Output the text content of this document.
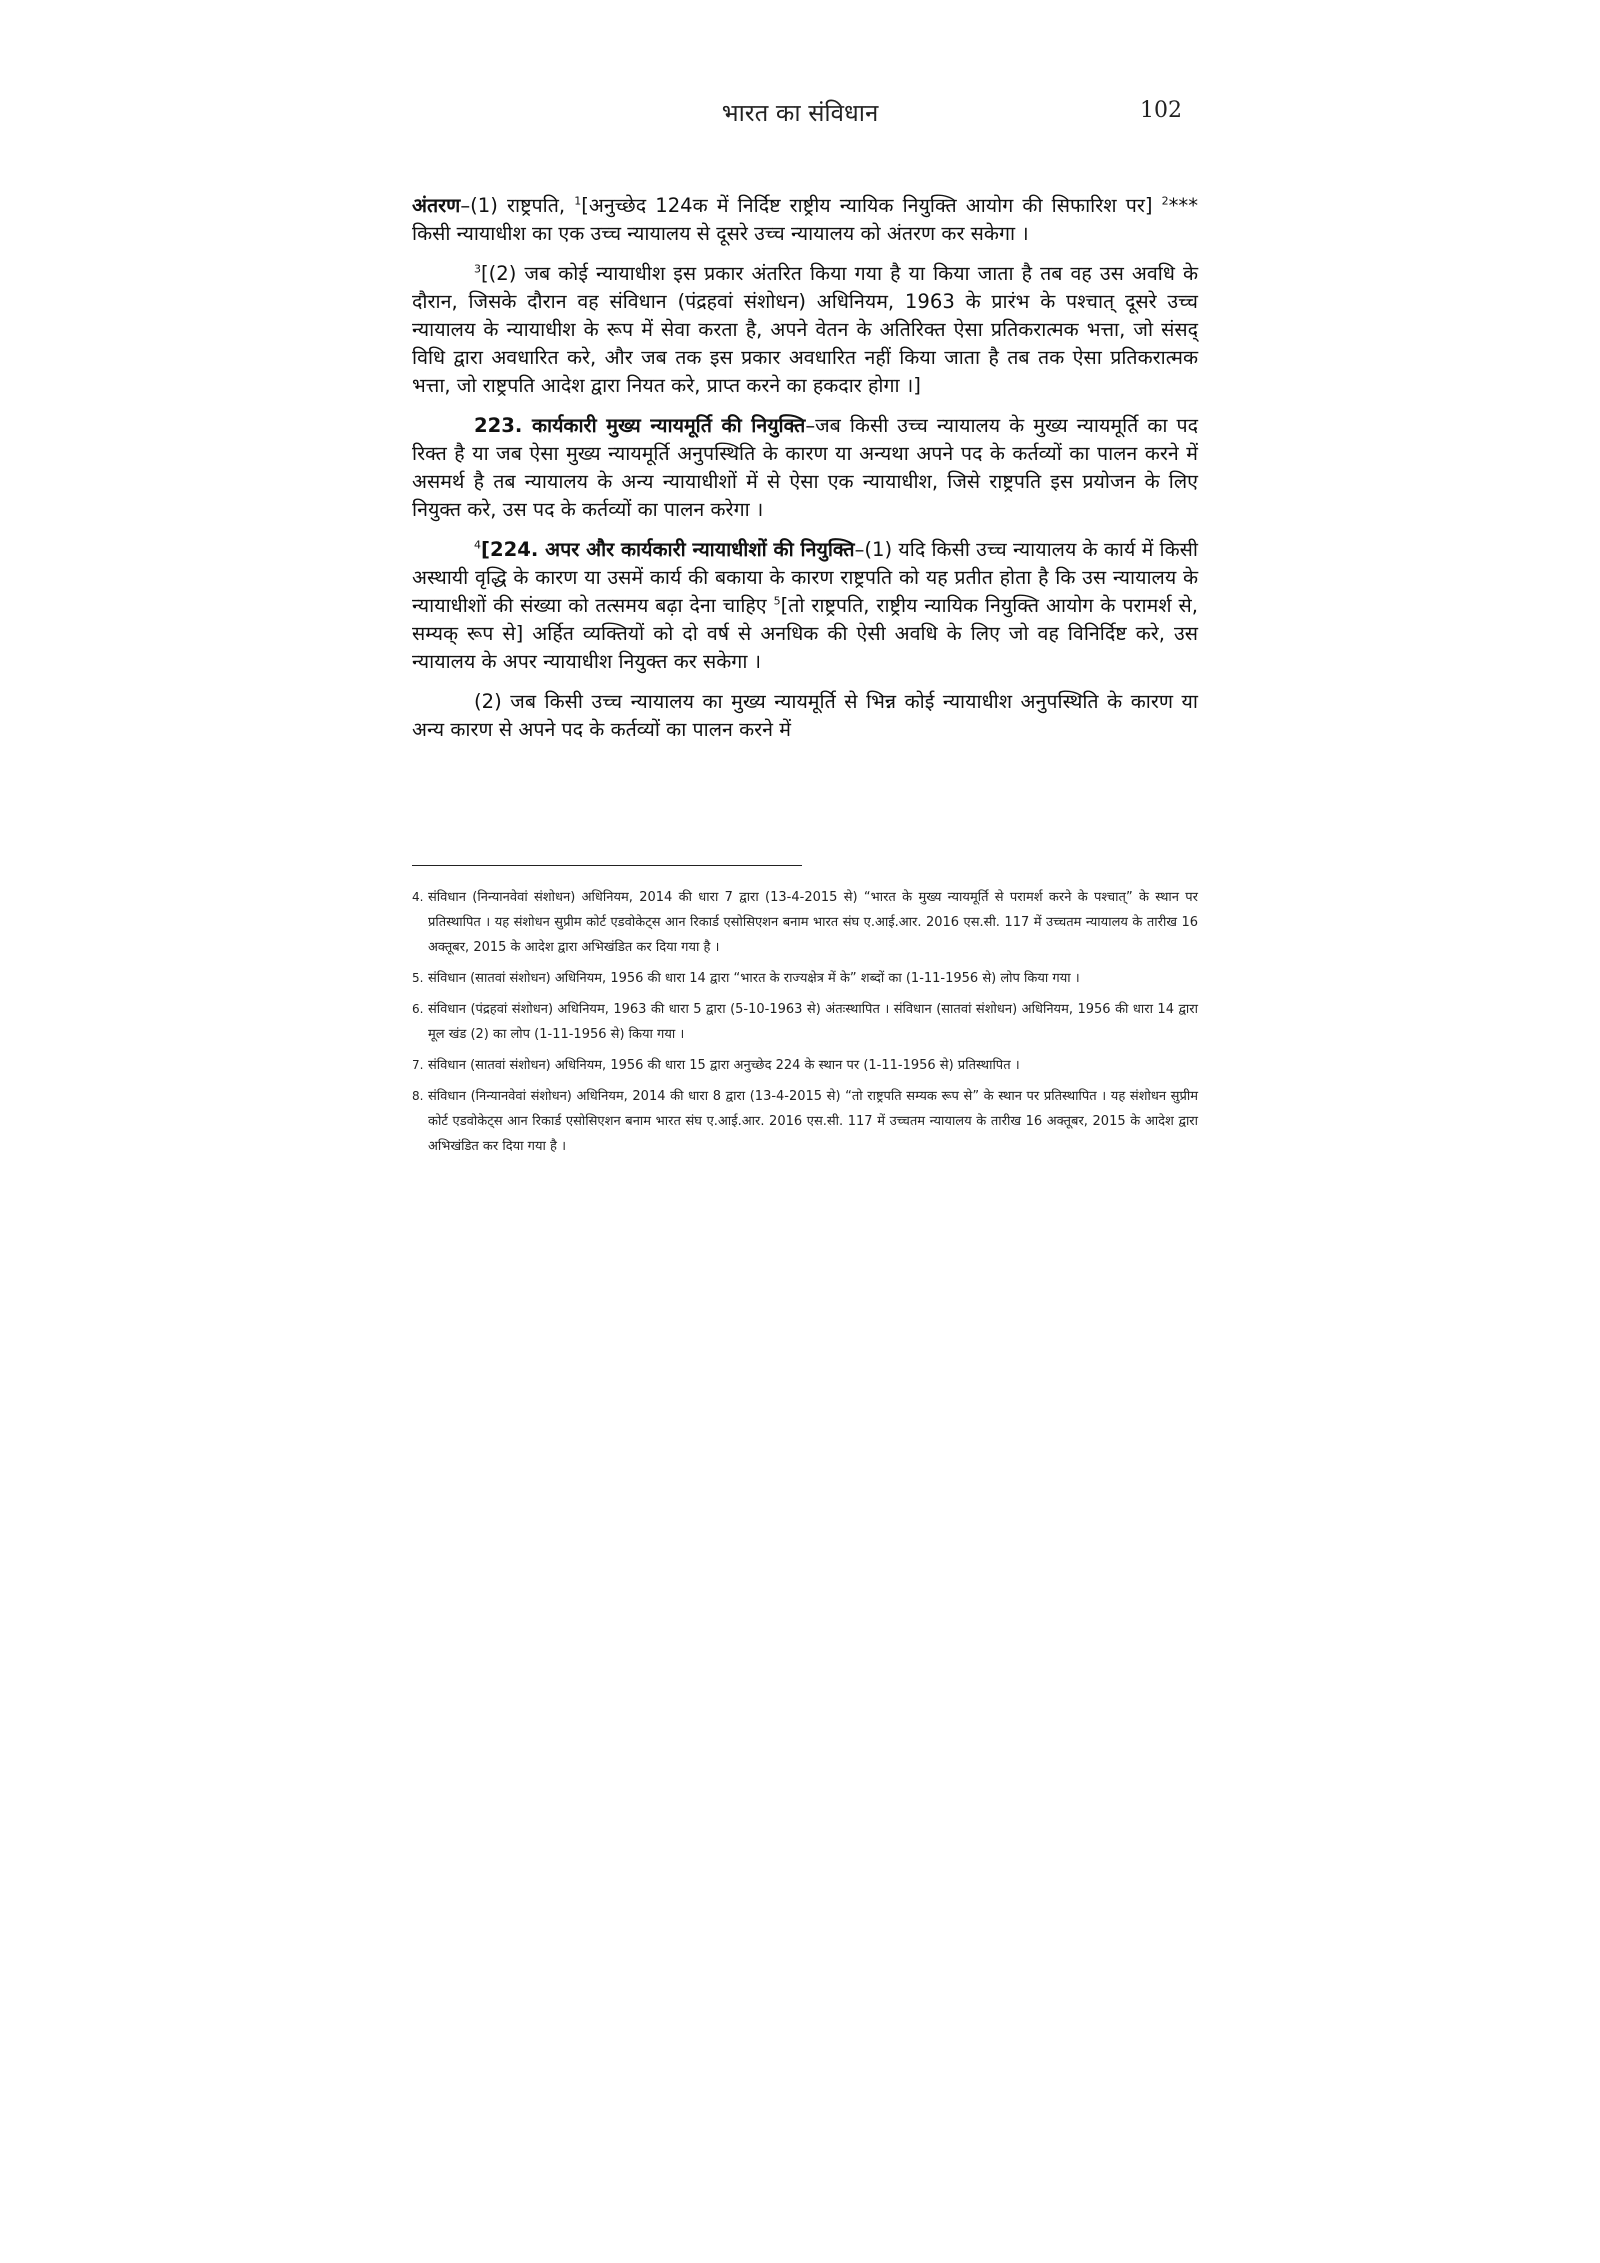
भारत का संविधान	102

अंतरण–(1) राष्ट्रपति, $^1$[अनुच्छेद 124क में निर्दिष्ट राष्ट्रीय न्यायिक नियुक्ति आयोग की सिफारिश पर] $^2$*** किसी न्यायाधीश का एक उच्च न्यायालय से दूसरे उच्च न्यायालय को अंतरण कर सकेगा ।

$^3$[(2) जब कोई न्यायाधीश इस प्रकार अंतरित किया गया है या किया जाता है तब वह उस अवधि के दौरान, जिसके दौरान वह संविधान (पंद्रहवां संशोधन) अधिनियम, 1963 के प्रारंभ के पश्चात् दूसरे उच्च न्यायालय के न्यायाधीश के रूप में सेवा करता है, अपने वेतन के अतिरिक्त ऐसा प्रतिकरात्मक भत्ता, जो संसद् विधि द्वारा अवधारित करे, और जब तक इस प्रकार अवधारित नहीं किया जाता है तब तक ऐसा प्रतिकरात्मक भत्ता, जो राष्ट्रपति आदेश द्वारा नियत करे, प्राप्त करने का हकदार होगा ।]

223. कार्यकारी मुख्य न्यायमूर्ति की नियुक्ति–जब किसी उच्च न्यायालय के मुख्य न्यायमूर्ति का पद रिक्त है या जब ऐसा मुख्य न्यायमूर्ति अनुपस्थिति के कारण या अन्यथा अपने पद के कर्तव्यों का पालन करने में असमर्थ है तब न्यायालय के अन्य न्यायाधीशों में से ऐसा एक न्यायाधीश, जिसे राष्ट्रपति इस प्रयोजन के लिए नियुक्त करे, उस पद के कर्तव्यों का पालन करेगा ।

$^4$[224. अपर और कार्यकारी न्यायाधीशों की नियुक्ति–(1) यदि किसी उच्च न्यायालय के कार्य में किसी अस्थायी वृद्धि के कारण या उसमें कार्य की बकाया के कारण राष्ट्रपति को यह प्रतीत होता है कि उस न्यायालय के न्यायाधीशों की संख्या को तत्समय बढ़ा देना चाहिए $^5$[तो राष्ट्रपति, राष्ट्रीय न्यायिक नियुक्ति आयोग के परामर्श से, सम्यक् रूप से] अर्हित व्यक्तियों को दो वर्ष से अनधिक की ऐसी अवधि के लिए जो वह विनिर्दिष्ट करे, उस न्यायालय के अपर न्यायाधीश नियुक्त कर सकेगा ।

(2) जब किसी उच्च न्यायालय का मुख्य न्यायमूर्ति से भिन्न कोई न्यायाधीश अनुपस्थिति के कारण या अन्य कारण से अपने पद के कर्तव्यों का पालन करने में

4. संविधान (निन्यानवेवां संशोधन) अधिनियम, 2014 की धारा 7 द्वारा (13-4-2015 से) “भारत के मुख्य न्यायमूर्ति से परामर्श करने के पश्चात्” के स्थान पर प्रतिस्थापित । यह संशोधन सुप्रीम कोर्ट एडवोकेट्स आन रिकार्ड एसोसिएशन बनाम भारत संघ ए.आई.आर. 2016 एस.सी. 117 में उच्चतम न्यायालय के तारीख 16 अक्तूबर, 2015 के आदेश द्वारा अभिखंडित कर दिया गया है ।
5. संविधान (सातवां संशोधन) अधिनियम, 1956 की धारा 14 द्वारा “भारत के राज्यक्षेत्र में के” शब्दों का (1-11-1956 से) लोप किया गया ।
6. संविधान (पंद्रहवां संशोधन) अधिनियम, 1963 की धारा 5 द्वारा (5-10-1963 से) अंतःस्थापित । संविधान (सातवां संशोधन) अधिनियम, 1956 की धारा 14 द्वारा मूल खंड (2) का लोप (1-11-1956 से) किया गया ।
7. संविधान (सातवां संशोधन) अधिनियम, 1956 की धारा 15 द्वारा अनुच्छेद 224 के स्थान पर (1-11-1956 से) प्रतिस्थापित ।
8. संविधान (निन्यानवेवां संशोधन) अधिनियम, 2014 की धारा 8 द्वारा (13-4-2015 से) “तो राष्ट्रपति सम्यक रूप से” के स्थान पर प्रतिस्थापित । यह संशोधन सुप्रीम कोर्ट एडवोकेट्स आन रिकार्ड एसोसिएशन बनाम भारत संघ ए.आई.आर. 2016 एस.सी. 117 में उच्चतम न्यायालय के तारीख 16 अक्तूबर, 2015 के आदेश द्वारा अभिखंडित कर दिया गया है ।
